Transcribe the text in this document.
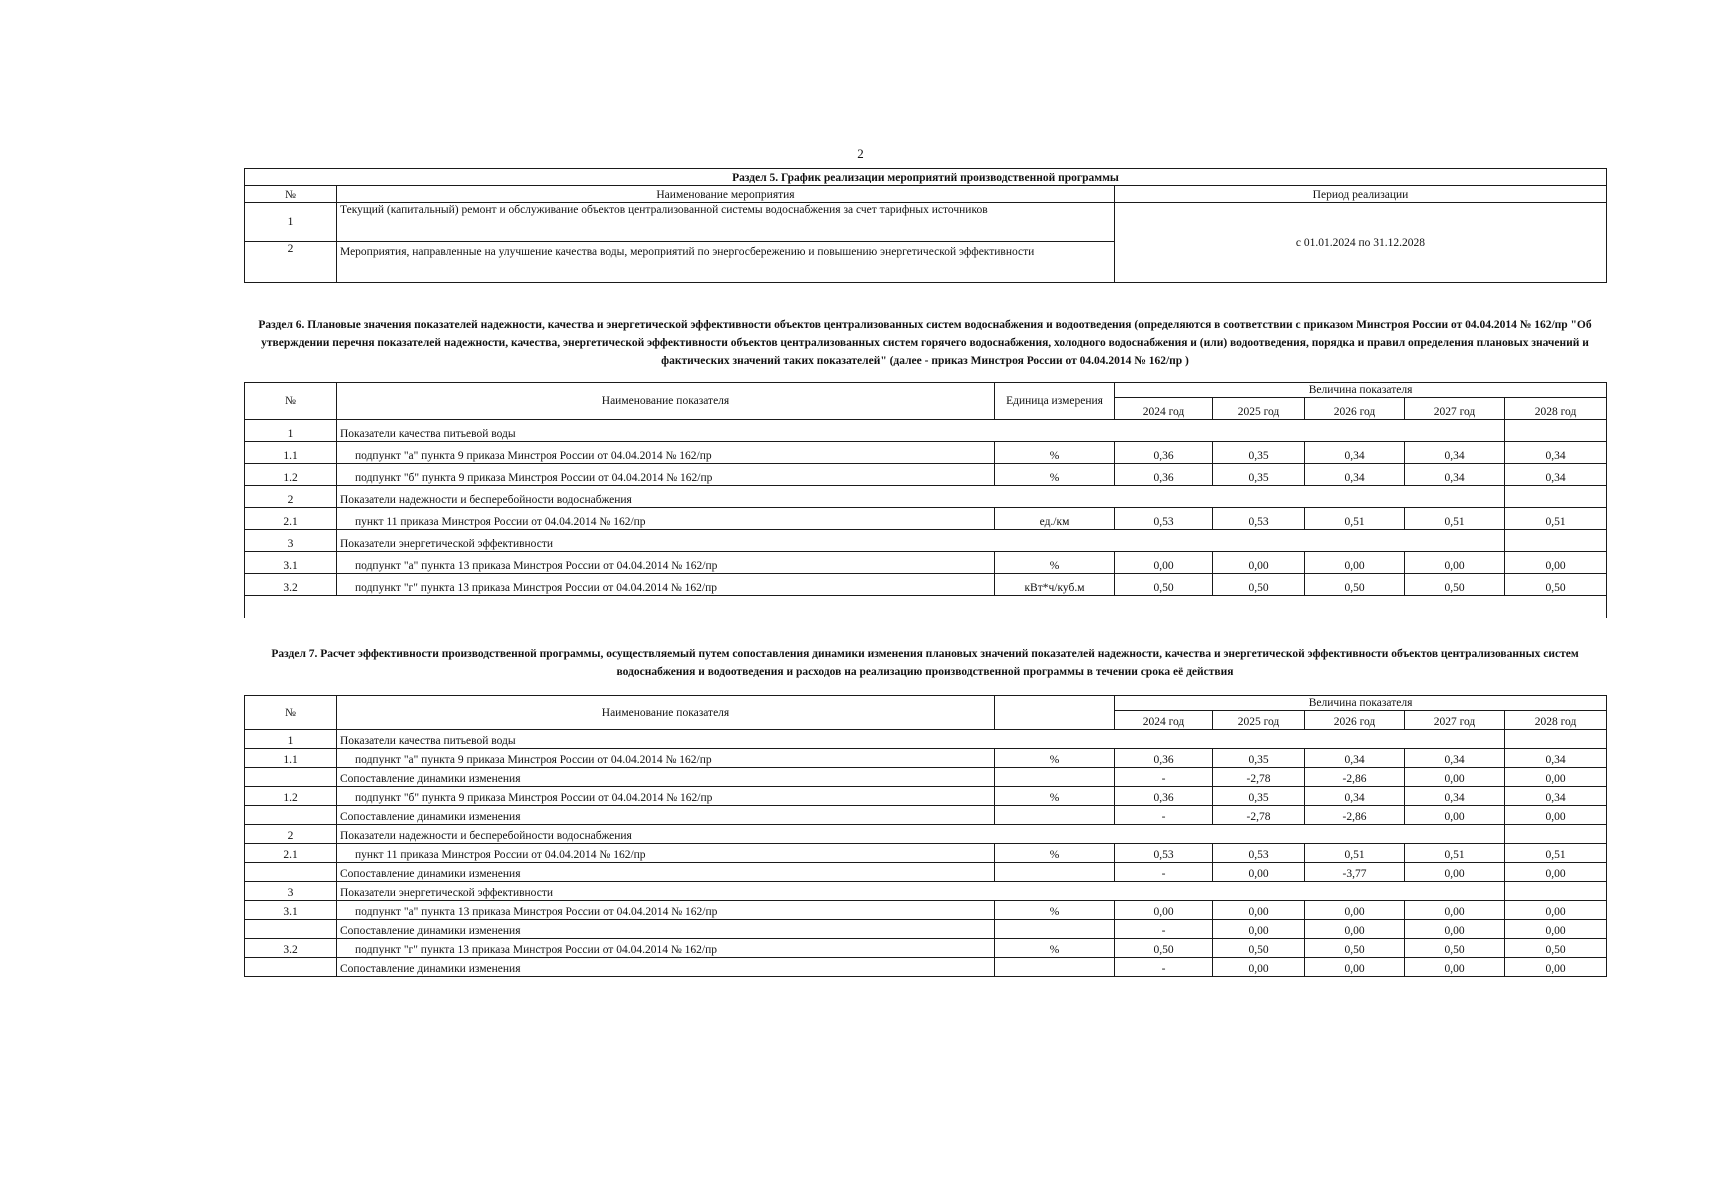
2
Раздел 5. График реализации мероприятий производственной программы		
№	Наименование мероприятия	Период реализации
1	Текущий (капитальный) ремонт и обслуживание объектов централизованной системы водоснабжения за счет тарифных источников	с 01.01.2024 по 31.12.2028
2	Мероприятия, направленные на улучшение качества воды, мероприятий по энергосбережению и повышению энергетической эффективности	
Раздел 6. Плановые значения показателей надежности, качества и энергетической эффективности объектов централизованных систем водоснабжения и водоотведения (определяются в соответствии с приказом Минстроя России от 04.04.2014 № 162/пр "Об утверждении перечня показателей надежности, качества, энергетической эффективности объектов централизованных систем горячего водоснабжения, холодного водоснабжения и (или) водоотведения, порядка и правил определения плановых значений и фактических значений таких показателей" (далее - приказ Минстроя России от 04.04.2014 № 162/пр )
№	Наименование показателя	Единица измерения	Величина показателя				
			2024 год	2025 год	2026 год	2027 год	2028 год
1	Показатели качества питьевой воды						
1.1	подпункт "а" пункта 9 приказа Минстроя России от 04.04.2014 № 162/пр	%	0,36	0,35	0,34	0,34	0,34
1.2	подпункт "б" пункта 9 приказа Минстроя России от 04.04.2014 № 162/пр	%	0,36	0,35	0,34	0,34	0,34
2	Показатели надежности и бесперебойности водоснабжения						
2.1	пункт 11 приказа Минстроя России от 04.04.2014 № 162/пр	ед./км	0,53	0,53	0,51	0,51	0,51
3	Показатели энергетической эффективности						
3.1	подпункт "а" пункта 13 приказа Минстроя России от 04.04.2014 № 162/пр	%	0,00	0,00	0,00	0,00	0,00
3.2	подпункт "г" пункта 13 приказа Минстроя России от 04.04.2014 № 162/пр	кВт*ч/куб.м	0,50	0,50	0,50	0,50	0,50

Раздел 7. Расчет эффективности производственной программы, осуществляемый путем сопоставления динамики изменения плановых значений показателей надежности, качества и энергетической эффективности объектов централизованных систем водоснабжения и водоотведения и расходов на реализацию производственной программы в течении срока её действия
№	Наименование показателя		Величина показателя				
			2024 год	2025 год	2026 год	2027 год	2028 год
1	Показатели качества питьевой воды						
1.1	подпункт "а" пункта 9 приказа Минстроя России от 04.04.2014 № 162/пр	%	0,36	0,35	0,34	0,34	0,34
	Сопоставление динамики изменения		-	-2,78	-2,86	0,00	0,00
1.2	подпункт "б" пункта 9 приказа Минстроя России от 04.04.2014 № 162/пр	%	0,36	0,35	0,34	0,34	0,34
	Сопоставление динамики изменения		-	-2,78	-2,86	0,00	0,00
2	Показатели надежности и бесперебойности водоснабжения						
2.1	пункт 11 приказа Минстроя России от 04.04.2014 № 162/пр	%	0,53	0,53	0,51	0,51	0,51
	Сопоставление динамики изменения		-	0,00	-3,77	0,00	0,00
3	Показатели энергетической эффективности						
3.1	подпункт "а" пункта 13 приказа Минстроя России от 04.04.2014 № 162/пр	%	0,00	0,00	0,00	0,00	0,00
	Сопоставление динамики изменения		-	0,00	0,00	0,00	0,00
3.2	подпункт "г" пункта 13 приказа Минстроя России от 04.04.2014 № 162/пр	%	0,50	0,50	0,50	0,50	0,50
	Сопоставление динамики изменения		-	0,00	0,00	0,00	0,00
